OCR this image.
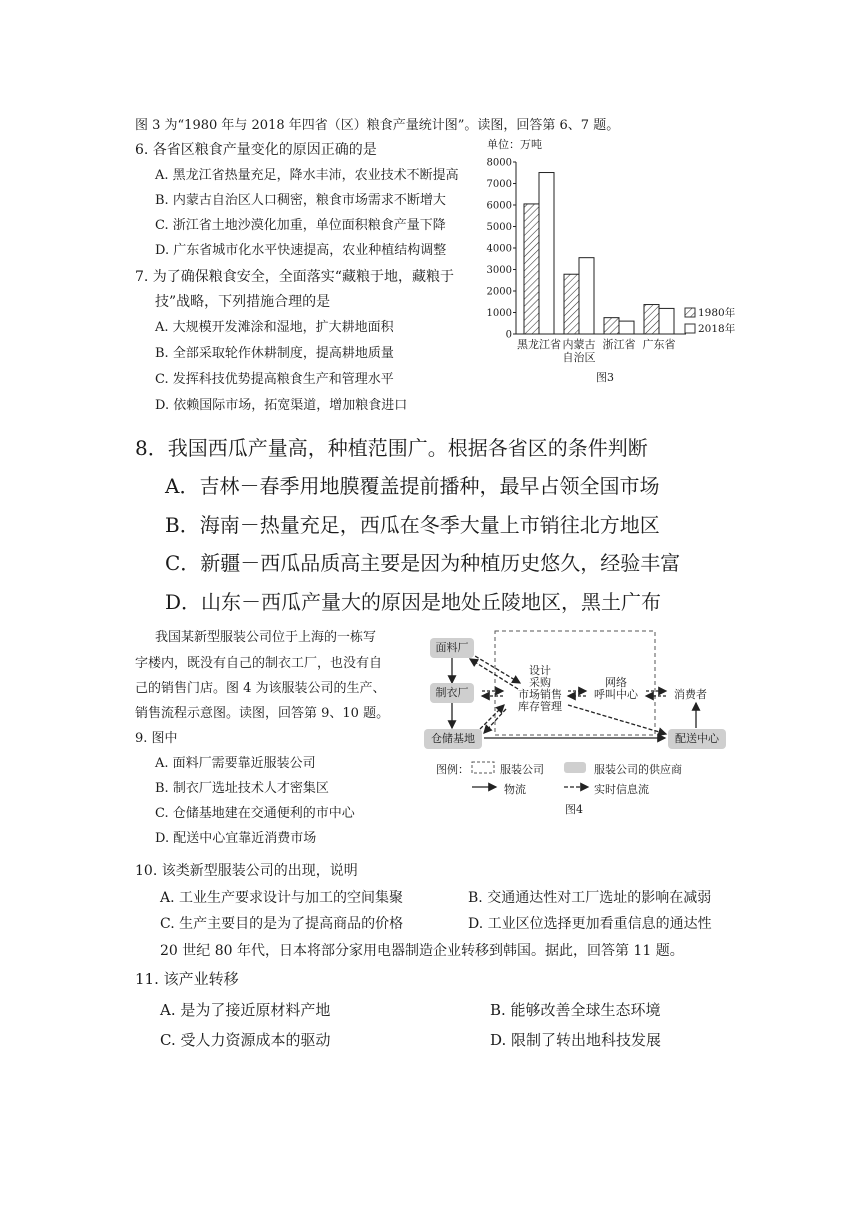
图 3 为“1980 年与 2018 年四省（区）粮食产量统计图”。读图，回答第 6、7 题。
6. 各省区粮食产量变化的原因正确的是
A. 黑龙江省热量充足，降水丰沛，农业技术不断提高
B. 内蒙古自治区人口稠密，粮食市场需求不断增大
C. 浙江省土地沙漠化加重，单位面积粮食产量下降
D. 广东省城市化水平快速提高，农业种植结构调整
7. 为了确保粮食安全，全面落实“藏粮于地，藏粮于
技”战略，下列措施合理的是
A. 大规模开发滩涂和湿地，扩大耕地面积
B. 全部采取轮作休耕制度，提高耕地质量
C. 发挥科技优势提高粮食生产和管理水平
D. 依赖国际市场，拓宽渠道，增加粮食进口
单位：万吨
0
1000
2000
3000
4000
5000
6000
7000
8000
黑龙江省 内蒙古
自治区
浙江省 广东省
1980年
2018年
图3
8．我国西瓜产量高，种植范围广。根据各省区的条件判断
A．吉林－春季用地膜覆盖提前播种，最早占领全国市场
B．海南－热量充足，西瓜在冬季大量上市销往北方地区
C．新疆－西瓜品质高主要是因为种植历史悠久，经验丰富
D．山东－西瓜产量大的原因是地处丘陵地区，黑土广布
我国某新型服装公司位于上海的一栋写
字楼内，既没有自己的制衣工厂，也没有自
己的销售门店。图 4 为该服装公司的生产、
销售流程示意图。读图，回答第 9、10 题。
9. 图中
A. 面料厂需要靠近服装公司
B. 制衣厂选址技术人才密集区
C. 仓储基地建在交通便利的市中心
D. 配送中心宜靠近消费市场
面料厂
制衣厂
仓储基地	配送中心
设计
采购
市场销售
库存管理
网络
呼叫中心	消费者
图例：	服装公司	服装公司的供应商
物流	实时信息流
图4
10. 该类新型服装公司的出现，说明
A. 工业生产要求设计与加工的空间集聚	B. 交通通达性对工厂选址的影响在减弱
C. 生产主要目的是为了提高商品的价格	D. 工业区位选择更加看重信息的通达性
20 世纪 80 年代，日本将部分家用电器制造企业转移到韩国。据此，回答第 11 题。
11. 该产业转移
A. 是为了接近原材料产地	B. 能够改善全球生态环境
C. 受人力资源成本的驱动	D. 限制了转出地科技发展
